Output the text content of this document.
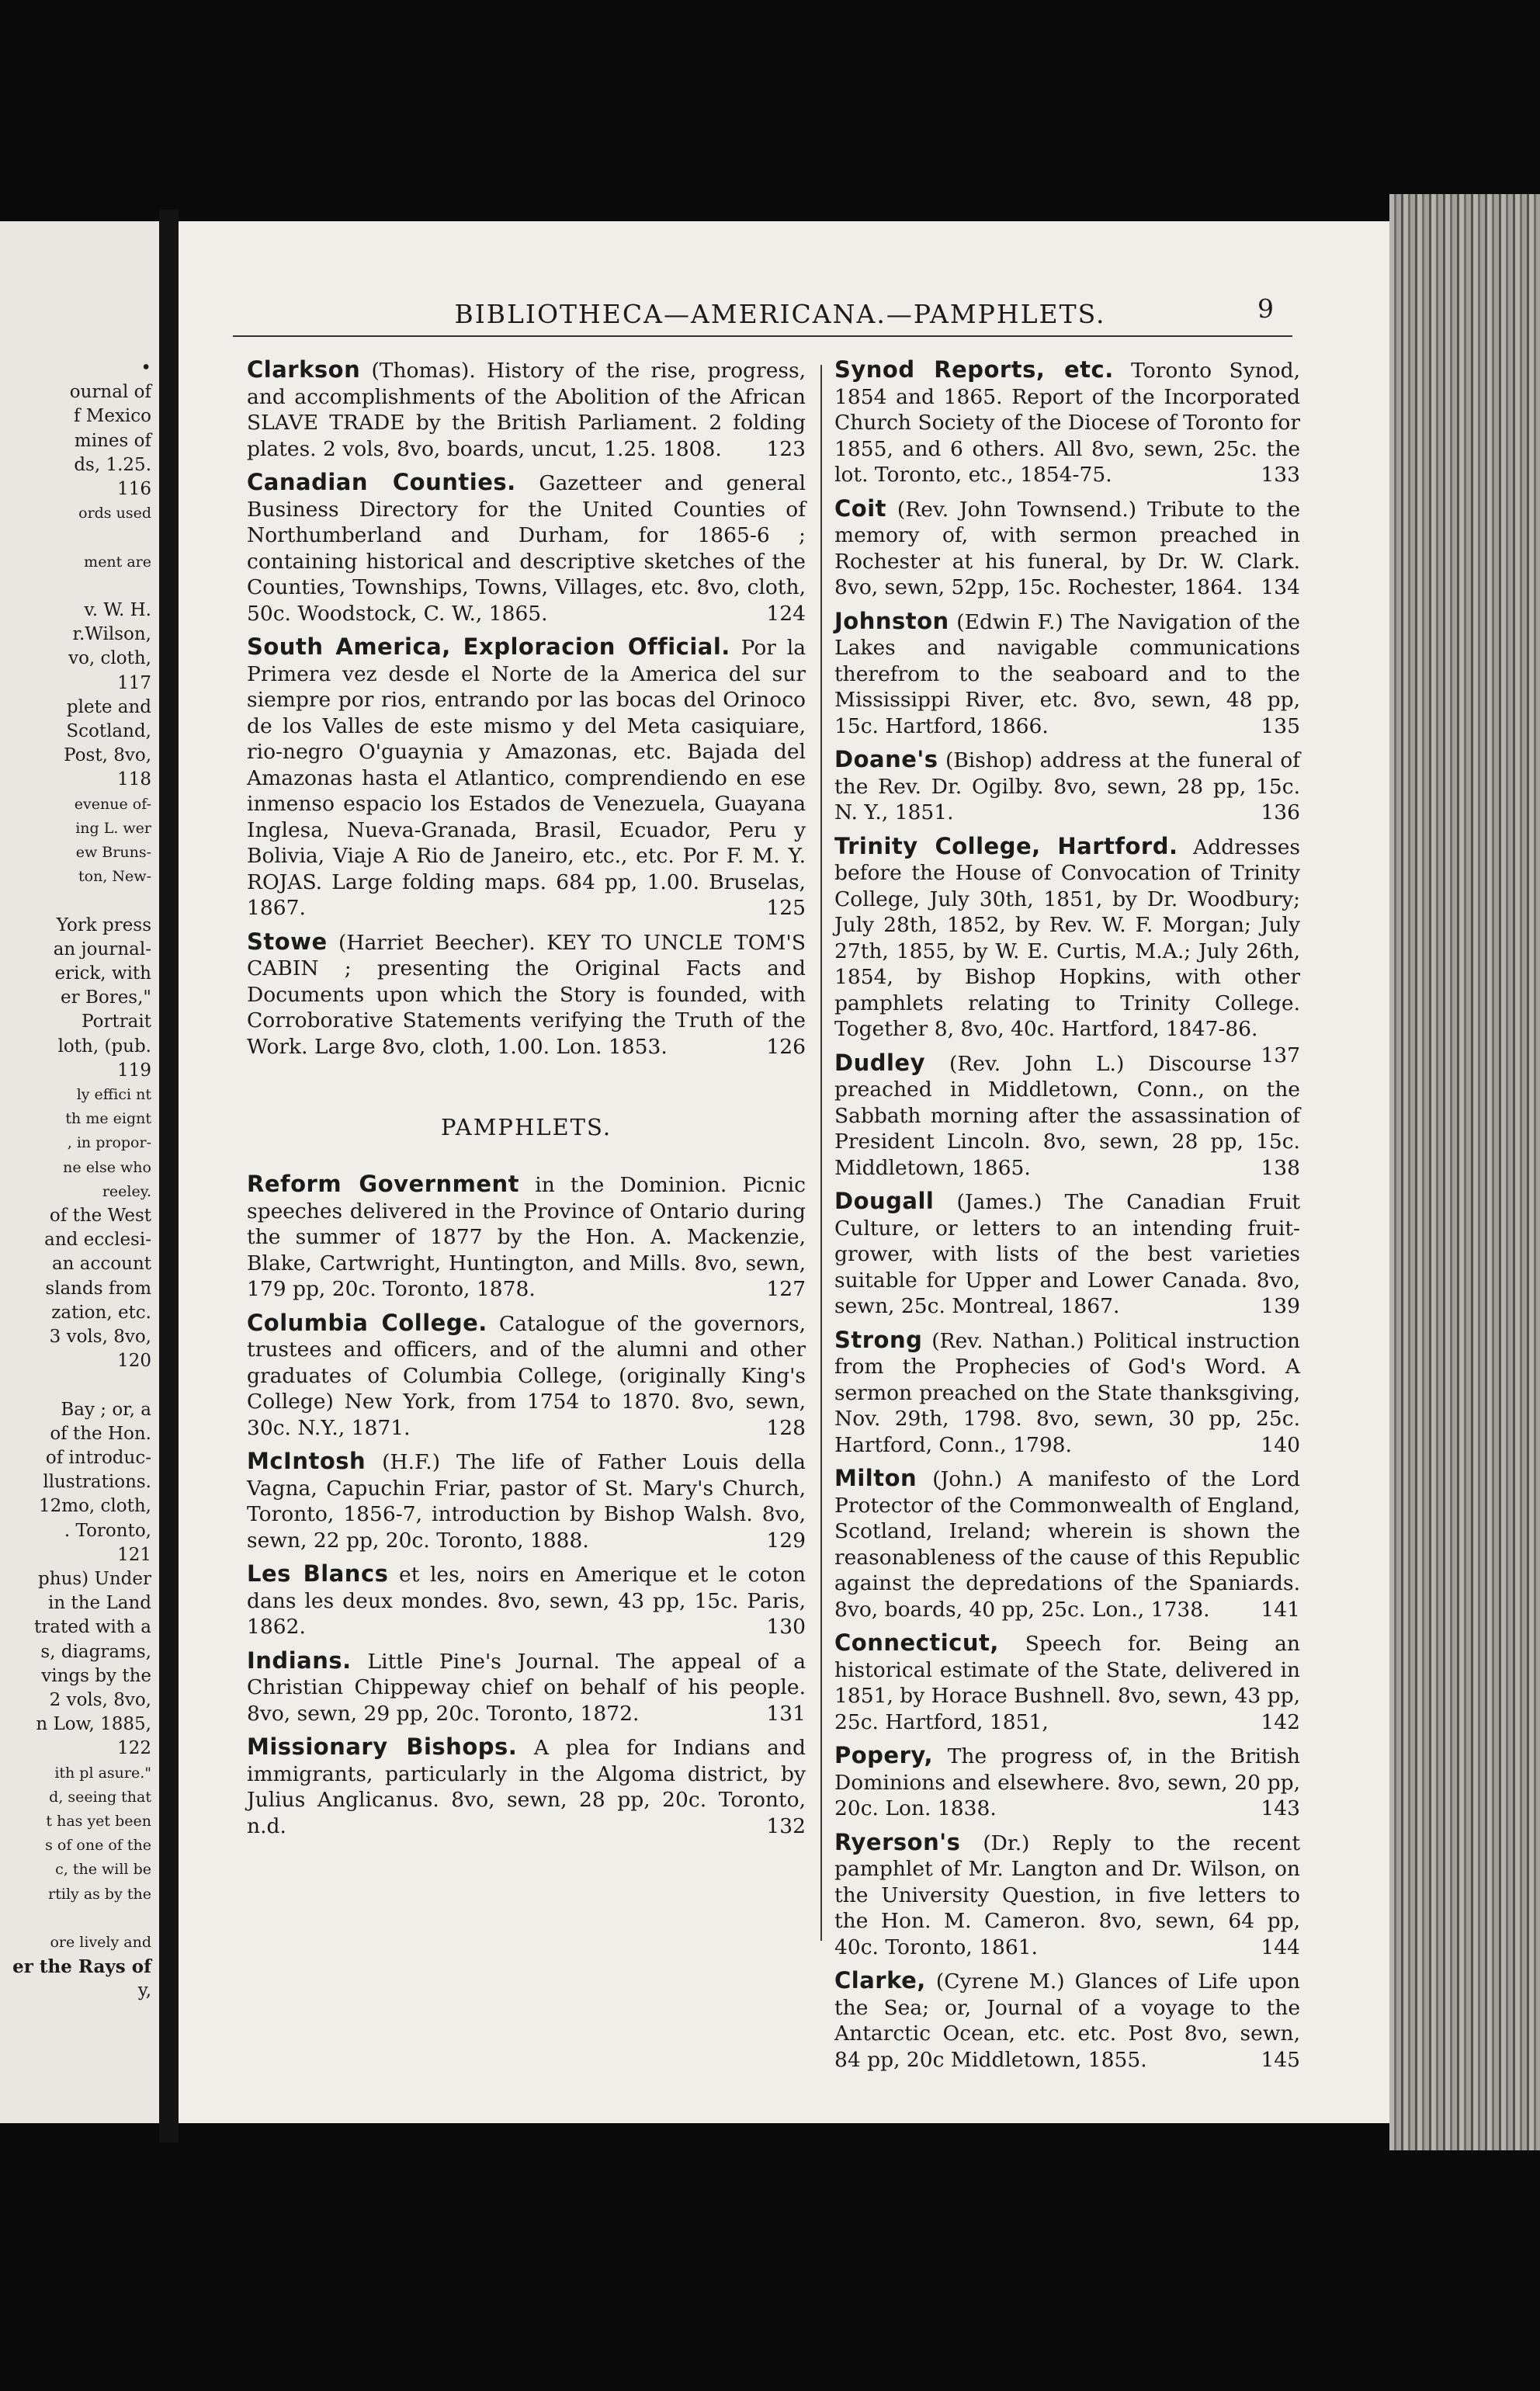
•
ournal of
f Mexico
mines of
ds, 1.25.
116
ords used
ment are
v. W. H.
r.Wilson,
vo, cloth,
117
plete and
Scotland,
Post, 8vo,
118
evenue of-
ing L. wer
ew Bruns-
ton, New-
York press
an journal-
erick, with
er Bores,"
Portrait
loth, (pub.
119
ly effici nt
th me eignt
, in propor-
ne else who
reeley.
of the West
and ecclesi-
an account
slands from
zation, etc.
3 vols, 8vo,
120
Bay ; or, a
of the Hon.
of introduc-
llustrations.
12mo, cloth,
. Toronto,
121
phus) Under
in the Land
trated with a
s, diagrams,
vings by the
2 vols, 8vo,
n Low, 1885,
122
ith pl asure."
d, seeing that
t has yet been
s of one of the
c, the will be
rtily as by the
ore lively and
er the Rays of
y,
BIBLIOTHECA—AMERICANA.—PAMPHLETS.	9
Clarkson (Thomas). History of the rise, progress, and accomplishments of the Abolition of the African SLAVE TRADE by the British Parliament. 2 folding plates. 2 vols, 8vo, boards, uncut, 1.25. 1808. 123
Canadian Counties. Gazetteer and general Business Directory for the United Counties of Northumberland and Durham, for 1865-6 ; containing historical and descriptive sketches of the Counties, Townships, Towns, Villages, etc. 8vo, cloth, 50c. Woodstock, C. W., 1865.	124
South America, Exploracion Official. Por la Primera vez desde el Norte de la America del sur siempre por rios, entrando por las bocas del Orinoco de los Valles de este mismo y del Meta casiquiare, rio-negro O'guaynia y Amazonas, etc. Bajada del Amazonas hasta el Atlantico, comprendiendo en ese inmenso espacio los Estados de Venezuela, Guayana Inglesa, Nueva-Granada, Brasil, Ecuador, Peru y Bolivia, Viaje A Rio de Janeiro, etc., etc. Por F. M. Y. ROJAS. Large folding maps. 684 pp, 1.00. Bruselas, 1867.	125
Stowe (Harriet Beecher). KEY TO UNCLE TOM'S CABIN ; presenting the Original Facts and Documents upon which the Story is founded, with Corroborative Statements verifying the Truth of the Work. Large 8vo, cloth, 1.00. Lon. 1853.	126
PAMPHLETS.
Reform Government in the Dominion. Picnic speeches delivered in the Province of Ontario during the summer of 1877 by the Hon. A. Mackenzie, Blake, Cartwright, Huntington, and Mills. 8vo, sewn, 179 pp, 20c. Toronto, 1878.	127
Columbia College. Catalogue of the governors, trustees and officers, and of the alumni and other graduates of Columbia College, (originally King's College) New York, from 1754 to 1870. 8vo, sewn, 30c. N.Y., 1871.	128
McIntosh (H.F.) The life of Father Louis della Vagna, Capuchin Friar, pastor of St. Mary's Church, Toronto, 1856-7, introduction by Bishop Walsh. 8vo, sewn, 22 pp, 20c. Toronto, 1888.	129
Les Blancs et les, noirs en Amerique et le coton dans les deux mondes. 8vo, sewn, 43 pp, 15c. Paris, 1862.	130
Indians. Little Pine's Journal. The appeal of a Christian Chippeway chief on behalf of his people. 8vo, sewn, 29 pp, 20c. Toronto, 1872.	131
Missionary Bishops. A plea for Indians and immigrants, particularly in the Algoma district, by Julius Anglicanus. 8vo, sewn, 28 pp, 20c. Toronto, n.d.	132
Synod Reports, etc. Toronto Synod, 1854 and 1865. Report of the Incorporated Church Society of the Diocese of Toronto for 1855, and 6 others. All 8vo, sewn, 25c. the lot. Toronto, etc., 1854-75.	133
Coit (Rev. John Townsend.) Tribute to the memory of, with sermon preached in Rochester at his funeral, by Dr. W. Clark. 8vo, sewn, 52pp, 15c. Rochester, 1864. 134
Johnston (Edwin F.) The Navigation of the Lakes and navigable communications therefrom to the seaboard and to the Mississippi River, etc. 8vo, sewn, 48 pp, 15c. Hartford, 1866.	135
Doane's (Bishop) address at the funeral of the Rev. Dr. Ogilby. 8vo, sewn, 28 pp, 15c. N. Y., 1851.	136
Trinity College, Hartford. Addresses before the House of Convocation of Trinity College, July 30th, 1851, by Dr. Woodbury; July 28th, 1852, by Rev. W. F. Morgan; July 27th, 1855, by W. E. Curtis, M.A.; July 26th, 1854, by Bishop Hopkins, with other pamphlets relating to Trinity College. Together 8, 8vo, 40c. Hartford, 1847-86.
137
Dudley (Rev. John L.) Discourse preached in Middletown, Conn., on the Sabbath morning after the assassination of President Lincoln. 8vo, sewn, 28 pp, 15c. Middletown, 1865.	138
Dougall (James.) The Canadian Fruit Culture, or letters to an intending fruit-grower, with lists of the best varieties suitable for Upper and Lower Canada. 8vo, sewn, 25c. Montreal, 1867.	139
Strong (Rev. Nathan.) Political instruction from the Prophecies of God's Word. A sermon preached on the State thanksgiving, Nov. 29th, 1798. 8vo, sewn, 30 pp, 25c. Hartford, Conn., 1798.	140
Milton (John.) A manifesto of the Lord Protector of the Commonwealth of England, Scotland, Ireland; wherein is shown the reasonableness of the cause of this Republic against the depredations of the Spaniards. 8vo, boards, 40 pp, 25c. Lon., 1738. 141
Connecticut, Speech for. Being an historical estimate of the State, delivered in 1851, by Horace Bushnell. 8vo, sewn, 43 pp, 25c. Hartford, 1851,	142
Popery, The progress of, in the British Dominions and elsewhere. 8vo, sewn, 20 pp, 20c. Lon. 1838.	143
Ryerson's (Dr.) Reply to the recent pamphlet of Mr. Langton and Dr. Wilson, on the University Question, in five letters to the Hon. M. Cameron. 8vo, sewn, 64 pp, 40c. Toronto, 1861.	144
Clarke, (Cyrene M.) Glances of Life upon the Sea; or, Journal of a voyage to the Antarctic Ocean, etc. etc. Post 8vo, sewn, 84 pp, 20c Middletown, 1855.	145
